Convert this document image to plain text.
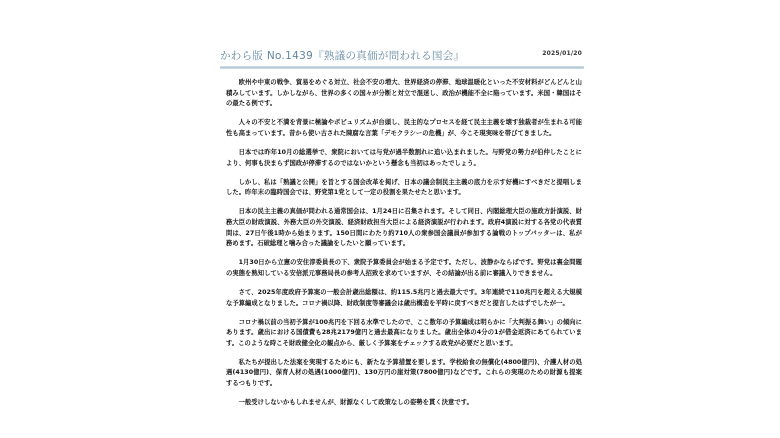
かわら版 No.1439『熟議の真価が問われる国会』	2025/01/20

欧州や中東の戦争、貿易をめぐる対立、社会不安の増大、世界経済の停滞、地球温暖化といった不安材料がどんどんと山積みしています。しかしながら、世界の多くの国々が分断と対立で混迷し、政治が機能不全に陥っています。米国・韓国はその最たる例です。

人々の不安と不満を背景に極論やポピュリズムが台頭し、民主的なプロセスを経て民主主義を壊す独裁者が生まれる可能性も高まっています。昔から使い古された陳腐な言葉「デモクラシーの危機」が、今こそ現実味を帯びてきました。

日本では昨年10月の総選挙で、衆院においては与党が過半数割れに追い込まれました。与野党の勢力が伯仲したことにより、何事も決まらず国政が停滞するのではないかという懸念も当初はあったでしょう。

しかし、私は「熟議と公開」を旨とする国会改革を掲げ、日本の議会制民主主義の底力を示す好機にすべきだと提唱しました。昨年末の臨時国会では、野党第1党として一定の役割を果たせたと思います。

日本の民主主義の真価が問われる通常国会は、1月24日に召集されます。そして同日、内閣総理大臣の施政方針演説、財務大臣の財政演説、外務大臣の外交演説、経済財政担当大臣による経済演説が行われます。政府4演説に対する各党の代表質問は、27日午後1時から始まります。150日間にわたり約710人の衆参国会議員が参加する論戦のトップバッターは、私が務めます。石破総理と噛み合った議論をしたいと願っています。

1月30日から立憲の安住淳委員長の下、衆院予算委員会が始まる予定です。ただし、波静かならばです。野党は裏金問題の実態を熟知している安倍派元事務局長の参考人招致を求めていますが、その結論が出る前に審議入りできません。

さて、2025年度政府予算案の一般会計歳出総額は、約115.5兆円と過去最大です。3年連続で110兆円を超える大規模な予算編成となりました。コロナ禍以降、財政制度等審議会は歳出構造を平時に戻すべきだと提言したはずでしたが一。

コロナ禍以前の当初予算が100兆円を下回る水準でしたので、ここ数年の予算編成は明らかに「大判振る舞い」の傾向にあります。歳出における国債費も28兆2179億円と過去最高になりました。歳出全体の4分の1が借金返済にあてられています。このような時こそ財政健全化の観点から、厳しく予算案をチェックする政党が必要だと思います。

私たちが提出した法案を実現するためにも、新たな予算措置を要します。学校給食の無償化(4800億円)、介護人材の処遇(4130億円)、保育人材の処遇(1000億円)、130万円の崖対策(7800億円)などです。これらの実現のための財源も提案するつもりです。

一般受けしないかもしれませんが、財源なくして政策なしの姿勢を貫く決意です。
